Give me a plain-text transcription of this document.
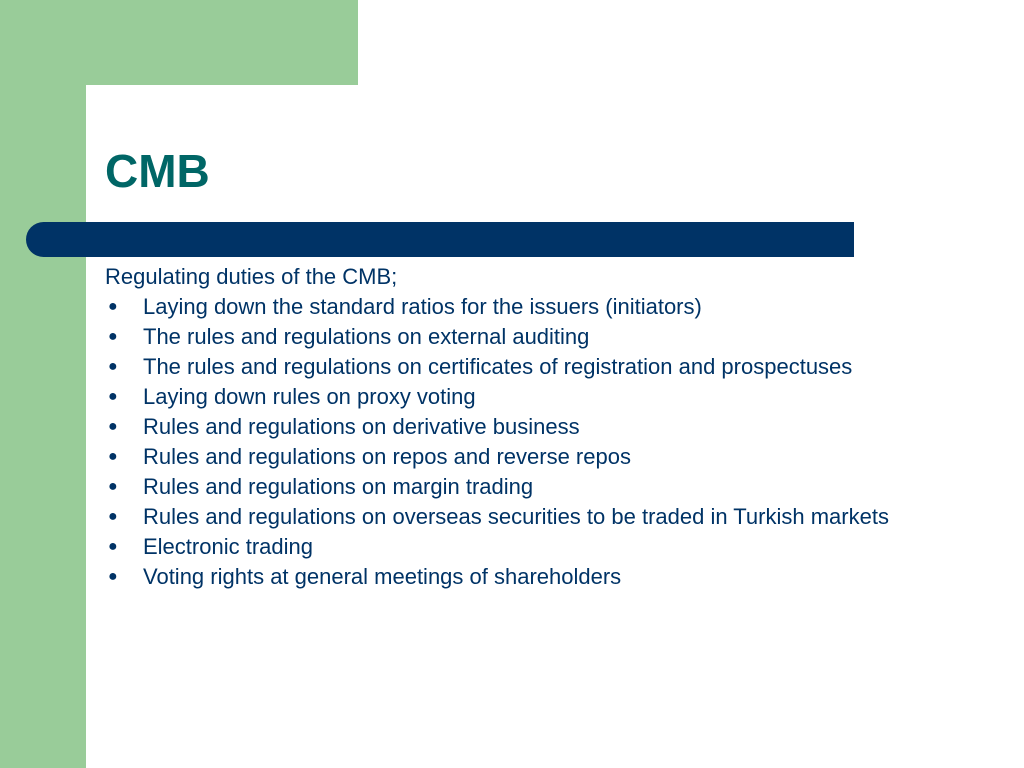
CMB

Regulating duties of the CMB;

● Laying down the standard ratios for the issuers (initiators)
● The rules and regulations on external auditing
● The rules and regulations on certificates of registration and prospectuses
● Laying down rules on proxy voting
● Rules and regulations on derivative business
● Rules and regulations on repos and reverse repos
● Rules and regulations on margin trading
● Rules and regulations on overseas securities to be traded in Turkish markets
● Electronic trading
● Voting rights at general meetings of shareholders
